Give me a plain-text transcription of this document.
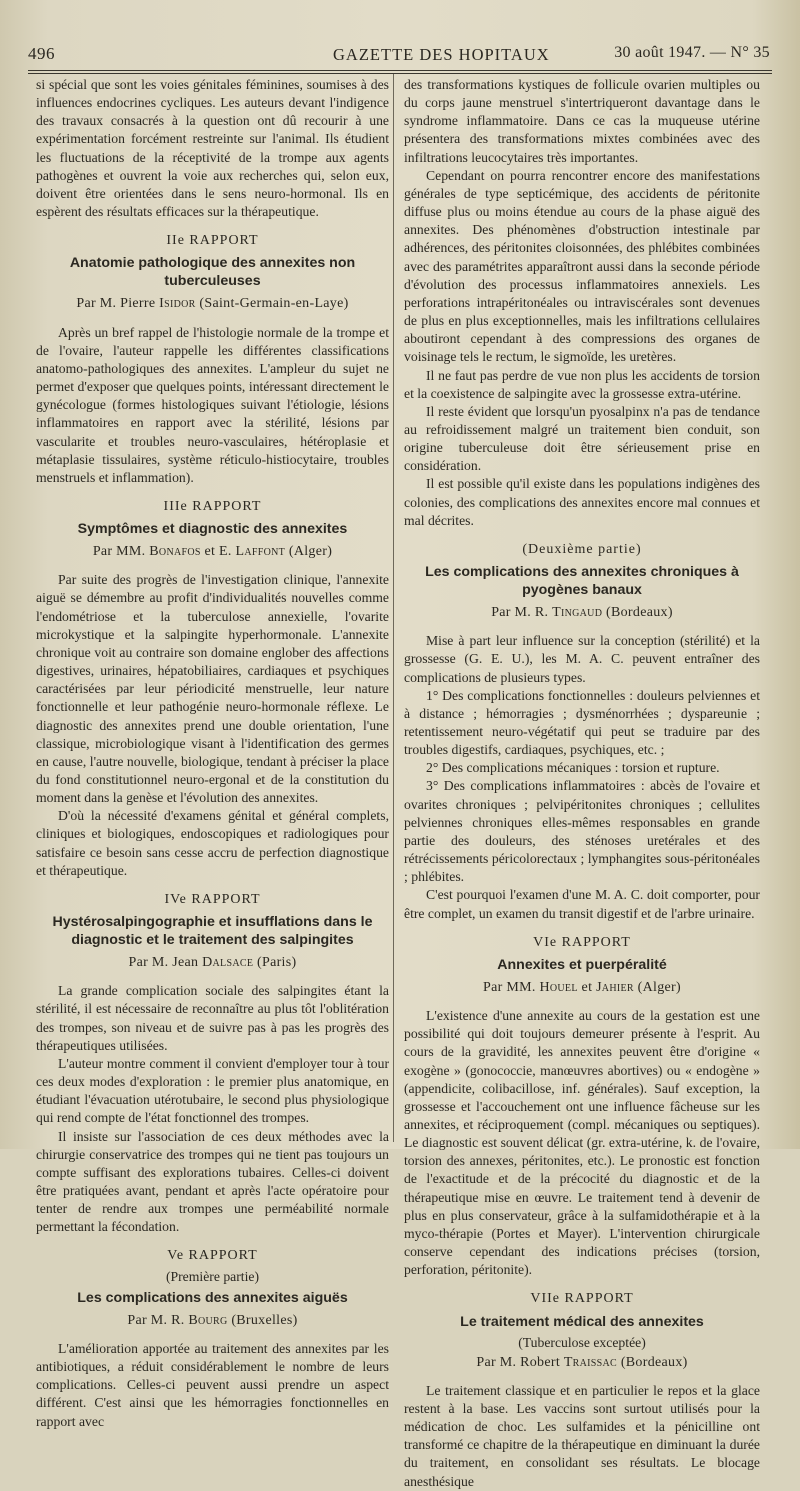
496	GAZETTE DES HOPITAUX	30 août 1947. — N° 35

si spécial que sont les voies génitales féminines, soumises à des influences endocrines cycliques. Les auteurs devant l'indigence des travaux consacrés à la question ont dû recourir à une expérimentation forcément restreinte sur l'animal. Ils étudient les fluctuations de la réceptivité de la trompe aux agents pathogènes et ouvrent la voie aux recherches qui, selon eux, doivent être orientées dans le sens neuro-hormonal. Ils en espèrent des résultats efficaces sur la thérapeutique.

IIe RAPPORT

Anatomie pathologique des annexites non tuberculeuses

Par M. Pierre Isidor (Saint-Germain-en-Laye)

Après un bref rappel de l'histologie normale de la trompe et de l'ovaire, l'auteur rappelle les différentes classifications anatomo-pathologiques des annexites. L'ampleur du sujet ne permet d'exposer que quelques points, intéressant directement le gynécologue (formes histologiques suivant l'étiologie, lésions inflammatoires en rapport avec la stérilité, lésions par vascularite et troubles neuro-vasculaires, hétéroplasie et métaplasie tissulaires, système réticulo-histiocytaire, troubles menstruels et inflammation).

IIIe RAPPORT

Symptômes et diagnostic des annexites

Par MM. Bonafos et E. Laffont (Alger)

Par suite des progrès de l'investigation clinique, l'annexite aiguë se démembre au profit d'individualités nouvelles comme l'endométriose et la tuberculose annexielle, l'ovarite microkystique et la salpingite hyperhormonale. L'annexite chronique voit au contraire son domaine englober des affections digestives, urinaires, hépatobiliaires, cardiaques et psychiques caractérisées par leur périodicité menstruelle, leur nature fonctionnelle et leur pathogénie neuro-hormonale réflexe. Le diagnostic des annexites prend une double orientation, l'une classique, microbiologique visant à l'identification des germes en cause, l'autre nouvelle, biologique, tendant à préciser la place du fond constitutionnel neuro-ergonal et de la constitution du moment dans la genèse et l'évolution des annexites.

D'où la nécessité d'examens génital et général complets, cliniques et biologiques, endoscopiques et radiologiques pour satisfaire ce besoin sans cesse accru de perfection diagnostique et thérapeutique.

IVe RAPPORT

Hystérosalpingographie et insufflations dans le diagnostic et le traitement des salpingites

Par M. Jean Dalsace (Paris)

La grande complication sociale des salpingites étant la stérilité, il est nécessaire de reconnaître au plus tôt l'oblitération des trompes, son niveau et de suivre pas à pas les progrès des thérapeutiques utilisées.

L'auteur montre comment il convient d'employer tour à tour ces deux modes d'exploration : le premier plus anatomique, en étudiant l'évacuation utérotubaire, le second plus physiologique qui rend compte de l'état fonctionnel des trompes.

Il insiste sur l'association de ces deux méthodes avec la chirurgie conservatrice des trompes qui ne tient pas toujours un compte suffisant des explorations tubaires. Celles-ci doivent être pratiquées avant, pendant et après l'acte opératoire pour tenter de rendre aux trompes une perméabilité normale permettant la fécondation.

Ve RAPPORT

(Première partie)

Les complications des annexites aiguës

Par M. R. Bourg (Bruxelles)

L'amélioration apportée au traitement des annexites par les antibiotiques, a réduit considérablement le nombre de leurs complications. Celles-ci peuvent aussi prendre un aspect différent. C'est ainsi que les hémorragies fonctionnelles en rapport avec

des transformations kystiques de follicule ovarien multiples ou du corps jaune menstruel s'intertriqueront davantage dans le syndrome inflammatoire. Dans ce cas la muqueuse utérine présentera des transformations mixtes combinées avec des infiltrations leucocytaires très importantes.

Cependant on pourra rencontrer encore des manifestations générales de type septicémique, des accidents de péritonite diffuse plus ou moins étendue au cours de la phase aiguë des annexites. Des phénomènes d'obstruction intestinale par adhérences, des péritonites cloisonnées, des phlébites combinées avec des paramétrites apparaîtront aussi dans la seconde période d'évolution des processus inflammatoires annexiels. Les perforations intrapéritonéales ou intraviscérales sont devenues de plus en plus exceptionnelles, mais les infiltrations cellulaires aboutiront cependant à des compressions des organes de voisinage tels le rectum, le sigmoïde, les uretères.

Il ne faut pas perdre de vue non plus les accidents de torsion et la coexistence de salpingite avec la grossesse extra-utérine.

Il reste évident que lorsqu'un pyosalpinx n'a pas de tendance au refroidissement malgré un traitement bien conduit, son origine tuberculeuse doit être sérieusement prise en considération.

Il est possible qu'il existe dans les populations indigènes des colonies, des complications des annexites encore mal connues et mal décrites.

(Deuxième partie)

Les complications des annexites chroniques à pyogènes banaux

Par M. R. Tingaud (Bordeaux)

Mise à part leur influence sur la conception (stérilité) et la grossesse (G. E. U.), les M. A. C. peuvent entraîner des complications de plusieurs types.

1° Des complications fonctionnelles : douleurs pelviennes et à distance ; hémorragies ; dysménorrhées ; dyspareunie ; retentissement neuro-végétatif qui peut se traduire par des troubles digestifs, cardiaques, psychiques, etc. ;

2° Des complications mécaniques : torsion et rupture.

3° Des complications inflammatoires : abcès de l'ovaire et ovarites chroniques ; pelvipéritonites chroniques ; cellulites pelviennes chroniques elles-mêmes responsables en grande partie des douleurs, des sténoses uretérales et des rétrécissements péricolorectaux ; lymphangites sous-péritonéales ; phlébites.

C'est pourquoi l'examen d'une M. A. C. doit comporter, pour être complet, un examen du transit digestif et de l'arbre urinaire.

VIe RAPPORT

Annexites et puerpéralité

Par MM. Houel et Jahier (Alger)

L'existence d'une annexite au cours de la gestation est une possibilité qui doit toujours demeurer présente à l'esprit. Au cours de la gravidité, les annexites peuvent être d'origine « exogène » (gonococcie, manœuvres abortives) ou « endogène » (appendicite, colibacillose, inf. générales). Sauf exception, la grossesse et l'accouchement ont une influence fâcheuse sur les annexites, et réciproquement (compl. mécaniques ou septiques). Le diagnostic est souvent délicat (gr. extra-utérine, k. de l'ovaire, torsion des annexes, péritonites, etc.). Le pronostic est fonction de l'exactitude et de la précocité du diagnostic et de la thérapeutique mise en œuvre. Le traitement tend à devenir de plus en plus conservateur, grâce à la sulfamidothérapie et à la myco-thérapie (Portes et Mayer). L'intervention chirurgicale conserve cependant des indications précises (torsion, perforation, péritonite).

VIIe RAPPORT

Le traitement médical des annexites

(Tuberculose exceptée)

Par M. Robert Traissac (Bordeaux)

Le traitement classique et en particulier le repos et la glace restent à la base. Les vaccins sont surtout utilisés pour la médication de choc. Les sulfamides et la pénicilline ont transformé ce chapitre de la thérapeutique en diminuant la durée du traitement, en consolidant ses résultats. Le blocage anesthésique
